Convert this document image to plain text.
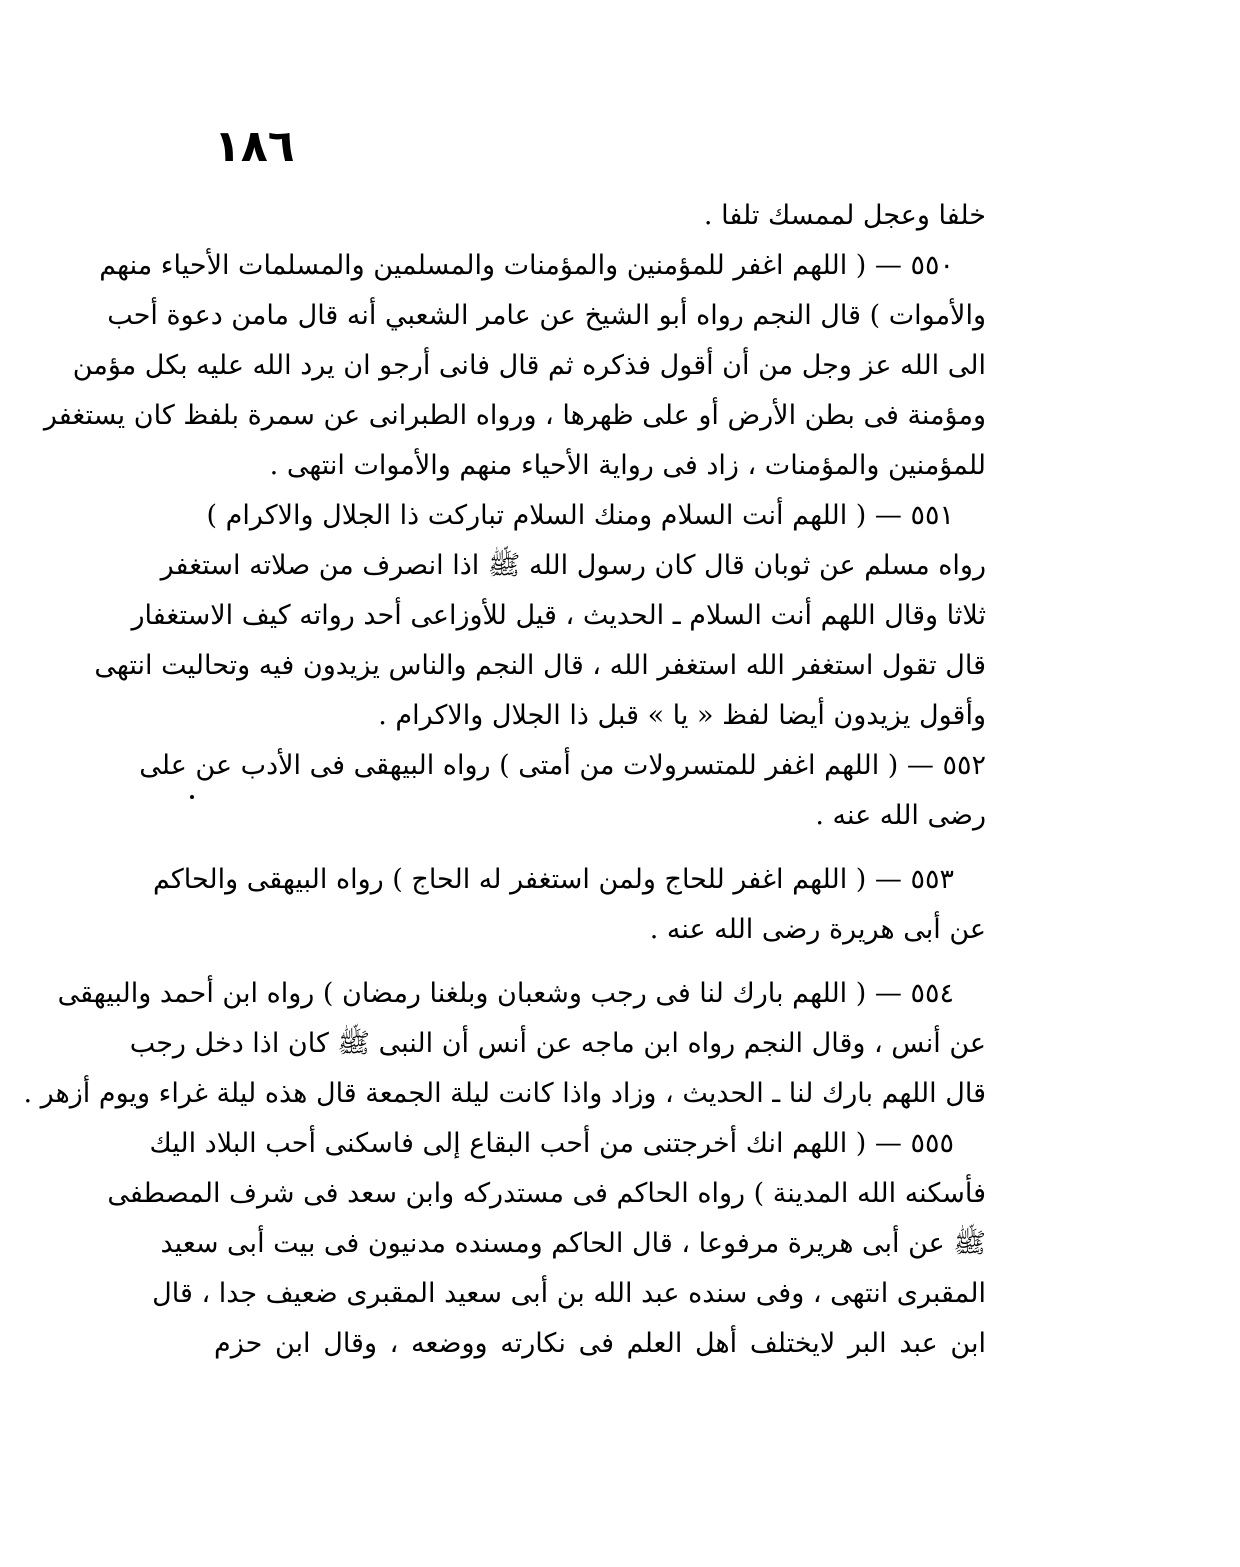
١٨٦
خلفا وعجل لممسك تلفا .
٥٥٠ — ( اللهم اغفر للمؤمنين والمؤمنات والمسلمين والمسلمات الأحياء منهم
والأموات ) قال النجم رواه أبو الشيخ عن عامر الشعبي أنه قال مامن دعوة أحب
الى الله عز وجل من أن أقول فذكره ثم قال فانى أرجو ان يرد الله عليه بكل مؤمن
ومؤمنة فى بطن الأرض أو على ظهرها ، ورواه الطبرانى عن سمرة بلفظ كان يستغفر
للمؤمنين والمؤمنات ، زاد فى رواية الأحياء منهم والأموات انتهى .
٥٥١ — ( اللهم أنت السلام ومنك السلام تباركت ذا الجلال والاكرام )
رواه مسلم عن ثوبان قال كان رسول الله ﷺ اذا انصرف من صلاته استغفر
ثلاثا وقال اللهم أنت السلام ـ الحديث ، قيل للأوزاعى أحد رواته كيف الاستغفار
قال تقول استغفر الله استغفر الله ، قال النجم والناس يزيدون فيه وتحاليت انتهى
وأقول يزيدون أيضا لفظ « يا » قبل ذا الجلال والاكرام .
٥٥٢ — ( اللهم اغفر للمتسرولات من أمتى ) رواه البيهقى فى الأدب عن على
رضى الله عنه .
٥٥٣ — ( اللهم اغفر للحاج ولمن استغفر له الحاج ) رواه البيهقى والحاكم
عن أبى هريرة رضى الله عنه .
٥٥٤ — ( اللهم بارك لنا فى رجب وشعبان وبلغنا رمضان ) رواه ابن أحمد والبيهقى
عن أنس ، وقال النجم رواه ابن ماجه عن أنس أن النبى ﷺ كان اذا دخل رجب
قال اللهم بارك لنا ـ الحديث ، وزاد واذا كانت ليلة الجمعة قال هذه ليلة غراء ويوم أزهر .
٥٥٥ — ( اللهم انك أخرجتنى من أحب البقاع إلى فاسكنى أحب البلاد اليك
فأسكنه الله المدينة ) رواه الحاكم فى مستدركه وابن سعد فى شرف المصطفى
ﷺ عن أبى هريرة مرفوعا ، قال الحاكم ومسنده مدنيون فى بيت أبى سعيد
المقبرى انتهى ، وفى سنده عبد الله بن أبى سعيد المقبرى ضعيف جدا ، قال
ابن عبد البر لايختلف أهل العلم فى نكارته ووضعه ، وقال ابن حزم
